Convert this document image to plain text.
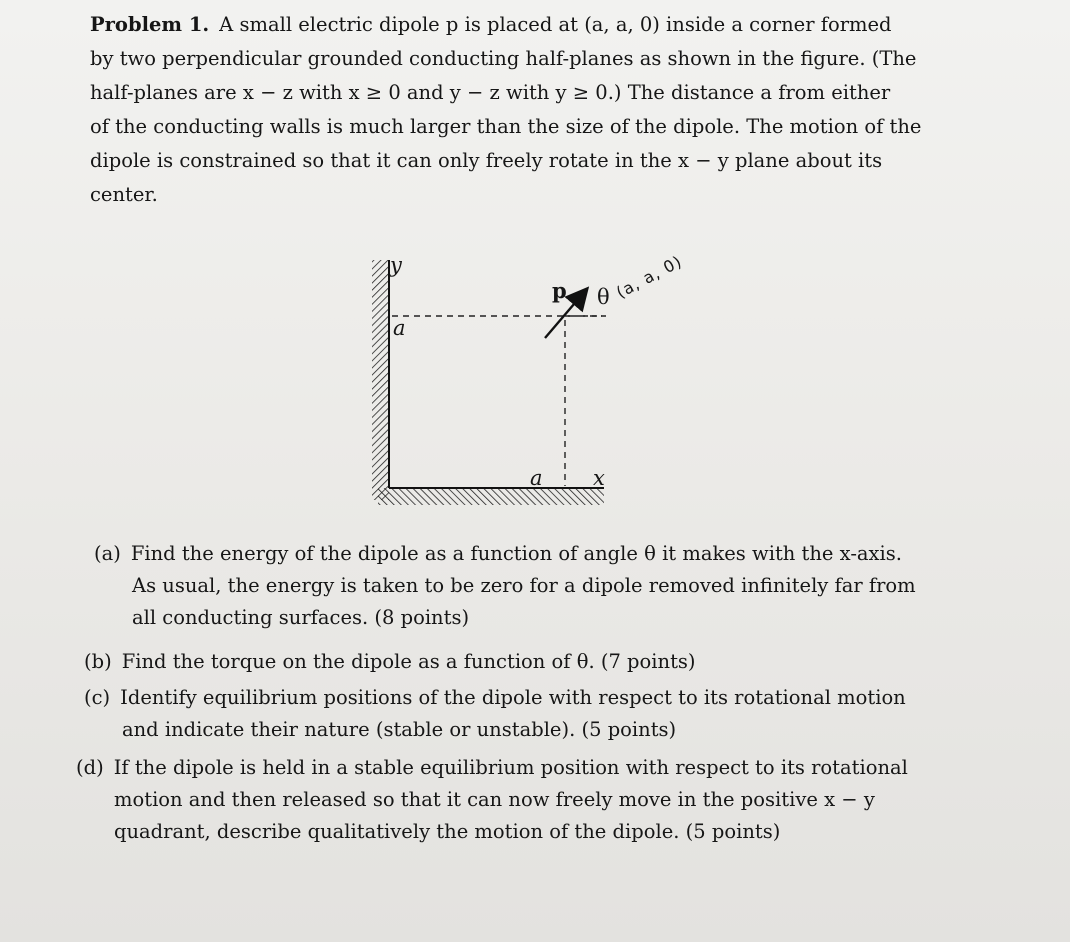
Problem 1. A small electric dipole p is placed at (a, a, 0) inside a corner formed
by two perpendicular grounded conducting half-planes as shown in the figure. (The
half-planes are x − z with x ≥ 0 and y − z with y ≥ 0.) The distance a from either
of the conducting walls is much larger than the size of the dipole. The motion of the
dipole is constrained so that it can only freely rotate in the x − y plane about its
center.
y
a
a x
p θ (a, a, 0)
(a) Find the energy of the dipole as a function of angle θ it makes with the x-axis.
As usual, the energy is taken to be zero for a dipole removed infinitely far from
all conducting surfaces. (8 points)
(b) Find the torque on the dipole as a function of θ. (7 points)
(c) Identify equilibrium positions of the dipole with respect to its rotational motion
and indicate their nature (stable or unstable). (5 points)
(d) If the dipole is held in a stable equilibrium position with respect to its rotational
motion and then released so that it can now freely move in the positive x − y
quadrant, describe qualitatively the motion of the dipole. (5 points)
